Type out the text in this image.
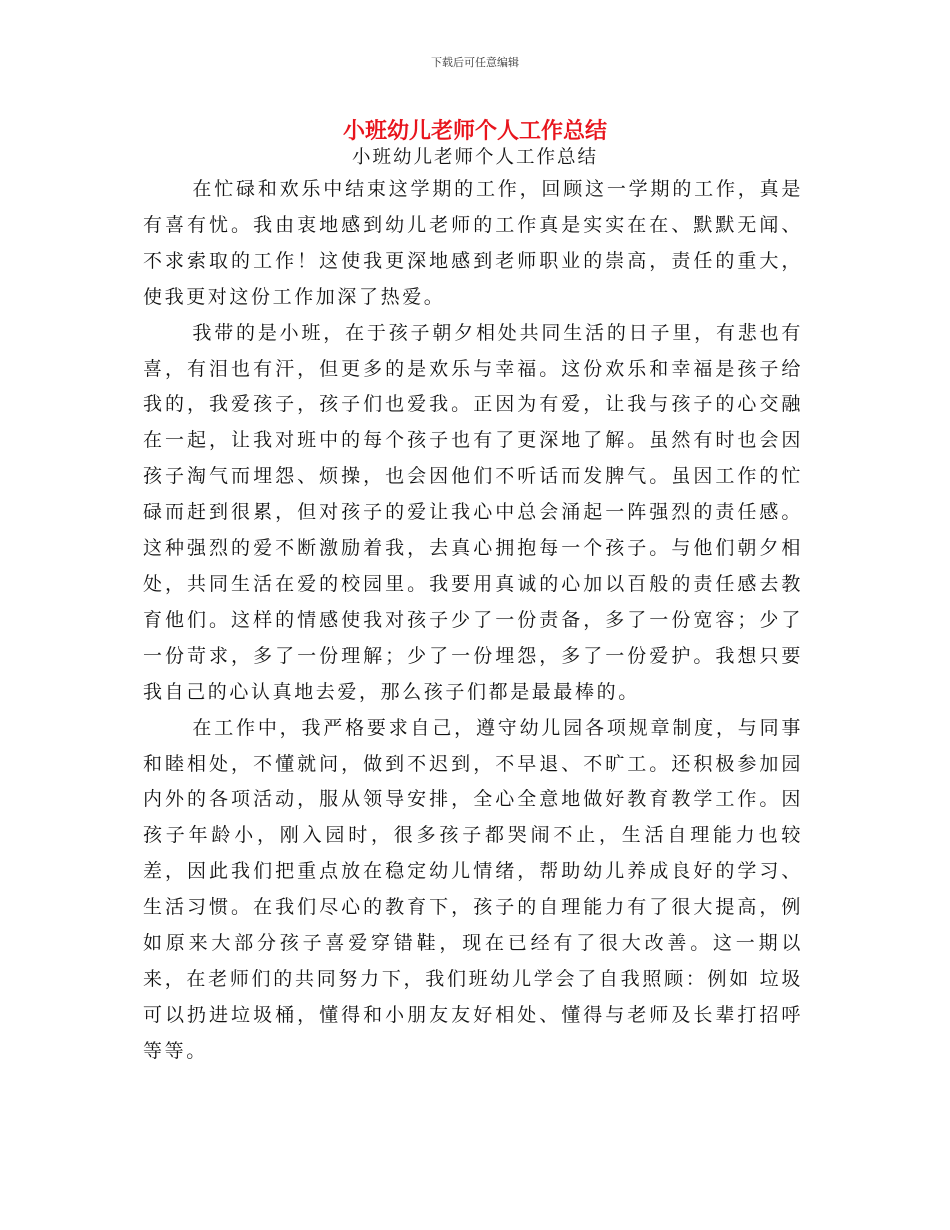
下载后可任意编辑
小班幼儿老师个人工作总结
小班幼儿老师个人工作总结

在忙碌和欢乐中结束这学期的工作，回顾这一学期的工作，真是有喜有忧。我由衷地感到幼儿老师的工作真是实实在在、默默无闻、不求索取的工作！这使我更深地感到老师职业的崇高，责任的重大，使我更对这份工作加深了热爱。

我带的是小班，在于孩子朝夕相处共同生活的日子里，有悲也有喜，有泪也有汗，但更多的是欢乐与幸福。这份欢乐和幸福是孩子给我的，我爱孩子，孩子们也爱我。正因为有爱，让我与孩子的心交融在一起，让我对班中的每个孩子也有了更深地了解。虽然有时也会因孩子淘气而埋怨、烦操，也会因他们不听话而发脾气。虽因工作的忙碌而赶到很累，但对孩子的爱让我心中总会涌起一阵强烈的责任感。这种强烈的爱不断激励着我，去真心拥抱每一个孩子。与他们朝夕相处，共同生活在爱的校园里。我要用真诚的心加以百般的责任感去教育他们。这样的情感使我对孩子少了一份责备，多了一份宽容；少了一份苛求，多了一份理解；少了一份埋怨，多了一份爱护。我想只要我自己的心认真地去爱，那么孩子们都是最最棒的。

在工作中，我严格要求自己，遵守幼儿园各项规章制度，与同事和睦相处，不懂就问，做到不迟到，不早退、不旷工。还积极参加园内外的各项活动，服从领导安排，全心全意地做好教育教学工作。因孩子年龄小，刚入园时，很多孩子都哭闹不止，生活自理能力也较差，因此我们把重点放在稳定幼儿情绪，帮助幼儿养成良好的学习、生活习惯。在我们尽心的教育下，孩子的自理能力有了很大提高，例如原来大部分孩子喜爱穿错鞋，现在已经有了很大改善。这一期以来，在老师们的共同努力下，我们班幼儿学会了自我照顾：例如 垃圾可以扔进垃圾桶，懂得和小朋友友好相处、懂得与老师及长辈打招呼等等。
